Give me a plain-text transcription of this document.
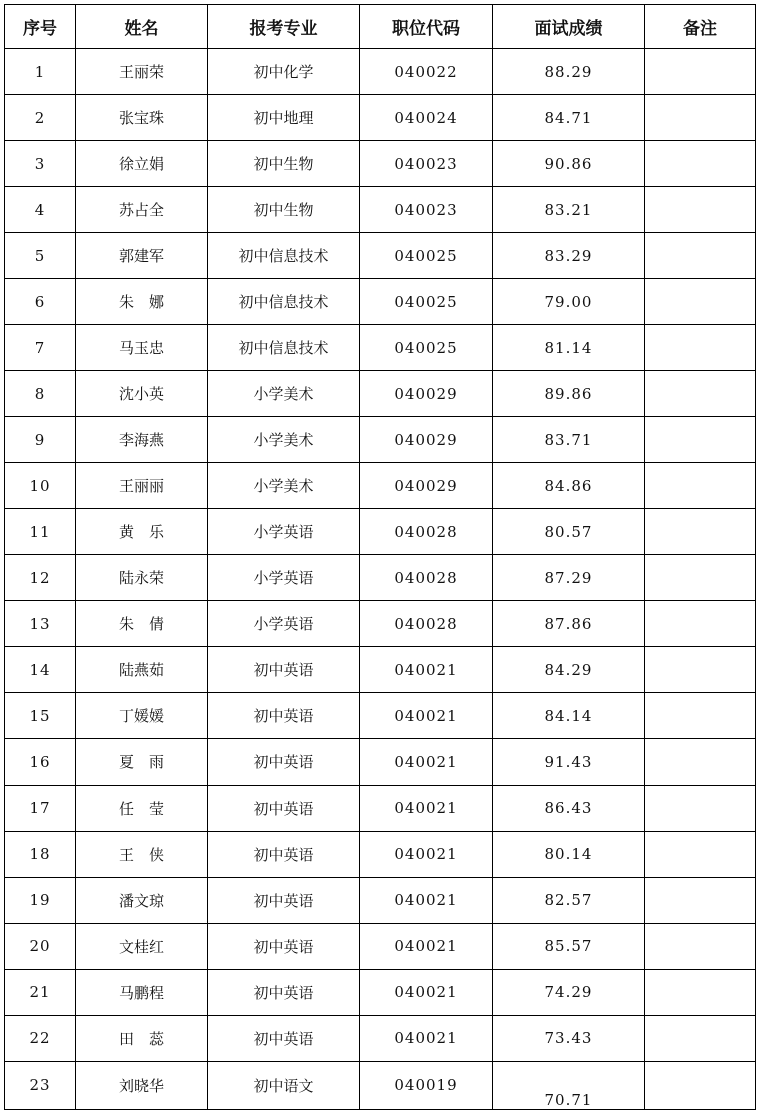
序号	姓名	报考专业	职位代码	面试成绩	备注
1	王丽荣	初中化学	040022	88.29	
2	张宝珠	初中地理	040024	84.71	
3	徐立娟	初中生物	040023	90.86	
4	苏占全	初中生物	040023	83.21	
5	郭建军	初中信息技术	040025	83.29	
6	朱　娜	初中信息技术	040025	79.00	
7	马玉忠	初中信息技术	040025	81.14	
8	沈小英	小学美术	040029	89.86	
9	李海燕	小学美术	040029	83.71	
10	王丽丽	小学美术	040029	84.86	
11	黄　乐	小学英语	040028	80.57	
12	陆永荣	小学英语	040028	87.29	
13	朱　倩	小学英语	040028	87.86	
14	陆燕茹	初中英语	040021	84.29	
15	丁媛媛	初中英语	040021	84.14	
16	夏　雨	初中英语	040021	91.43	
17	任　莹	初中英语	040021	86.43	
18	王　侠	初中英语	040021	80.14	
19	潘文琼	初中英语	040021	82.57	
20	文桂红	初中英语	040021	85.57	
21	马鹏程	初中英语	040021	74.29	
22	田　蕊	初中英语	040021	73.43	
23	刘晓华	初中语文	040019	70.71	
